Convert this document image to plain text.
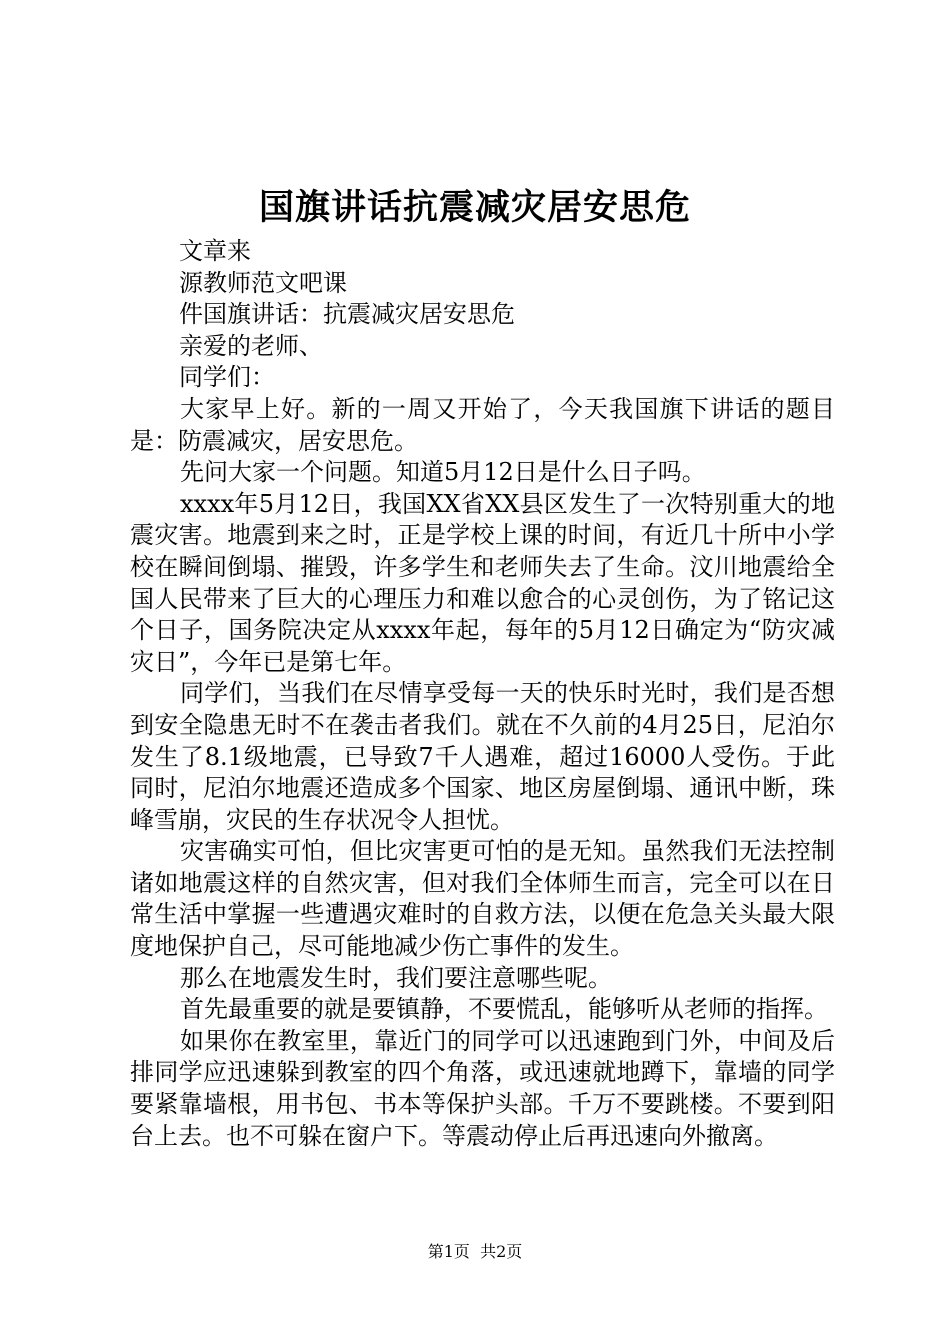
国旗讲话抗震减灾居安思危

文章来

源教师范文吧课

件国旗讲话：抗震减灾居安思危

亲爱的老师、

同学们：

大家早上好。新的一周又开始了，今天我国旗下讲话的题目是：防震减灾，居安思危。

先问大家一个问题。知道5月12日是什么日子吗。

xxxx年5月12日，我国XX省XX县区发生了一次特别重大的地震灾害。地震到来之时，正是学校上课的时间，有近几十所中小学校在瞬间倒塌、摧毁，许多学生和老师失去了生命。汶川地震给全国人民带来了巨大的心理压力和难以愈合的心灵创伤，为了铭记这个日子，国务院决定从xxxx年起，每年的5月12日确定为“防灾减灾日”，今年已是第七年。

同学们，当我们在尽情享受每一天的快乐时光时，我们是否想到安全隐患无时不在袭击者我们。就在不久前的4月25日，尼泊尔发生了8.1级地震，已导致7千人遇难，超过16000人受伤。于此同时，尼泊尔地震还造成多个国家、地区房屋倒塌、通讯中断，珠峰雪崩，灾民的生存状况令人担忧。

灾害确实可怕，但比灾害更可怕的是无知。虽然我们无法控制诸如地震这样的自然灾害，但对我们全体师生而言，完全可以在日常生活中掌握一些遭遇灾难时的自救方法，以便在危急关头最大限度地保护自己，尽可能地减少伤亡事件的发生。

那么在地震发生时，我们要注意哪些呢。

首先最重要的就是要镇静，不要慌乱，能够听从老师的指挥。

如果你在教室里，靠近门的同学可以迅速跑到门外，中间及后排同学应迅速躲到教室的四个角落，或迅速就地蹲下，靠墙的同学要紧靠墙根，用书包、书本等保护头部。千万不要跳楼。不要到阳台上去。也不可躲在窗户下。等震动停止后再迅速向外撤离。

第1页  共2页
